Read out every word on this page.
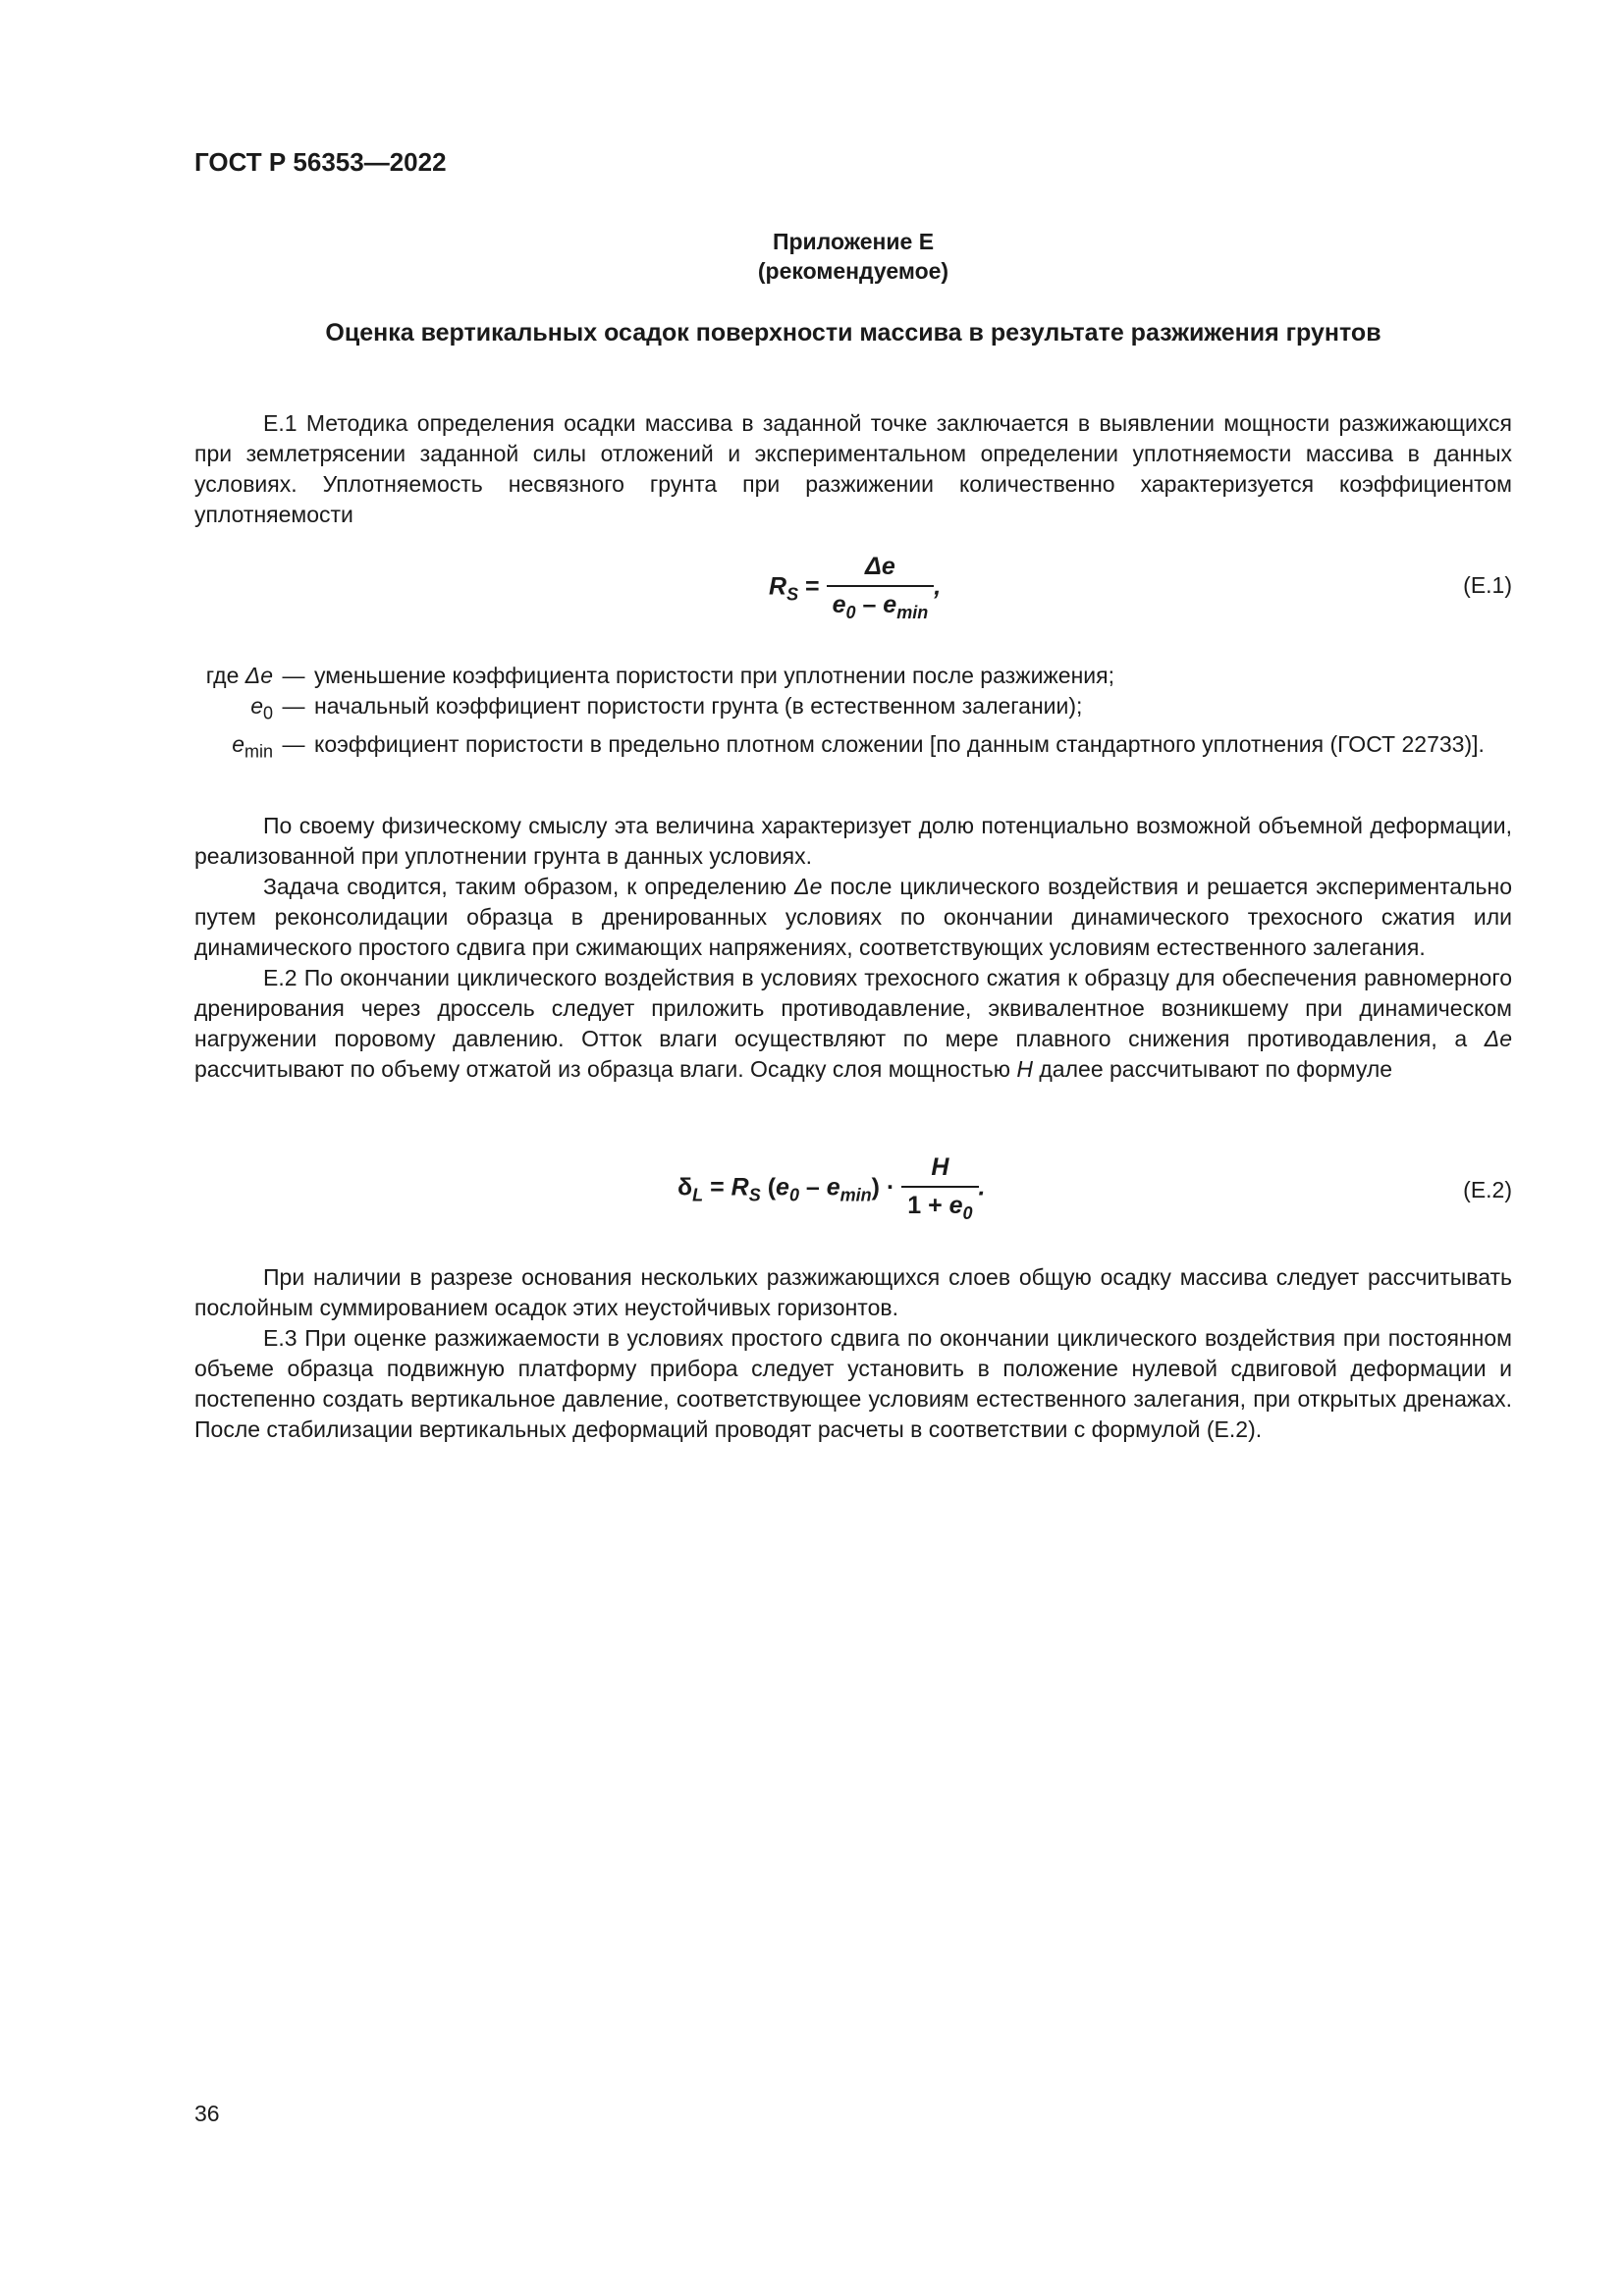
ГОСТ Р 56353—2022
Приложение Е
(рекомендуемое)
Оценка вертикальных осадок поверхности массива в результате разжижения грунтов

Е.1 Методика определения осадки массива в заданной точке заключается в выявлении мощности разжижающихся при землетрясении заданной силы отложений и экспериментальном определении уплотняемости массива в данных условиях. Уплотняемость несвязного грунта при разжижении количественно характеризуется коэффициентом уплотняемости

$R_S = \frac{\Delta e}{e_0 - e_{min}}$ ,	(Е.1)
где Δe — уменьшение коэффициента пористости при уплотнении после разжижения;
$e_0$ — начальный коэффициент пористости грунта (в естественном залегании);
$e_{min}$ — коэффициент пористости в предельно плотном сложении [по данным стандартного уплотнения (ГОСТ 22733)].

По своему физическому смыслу эта величина характеризует долю потенциально возможной объемной деформации, реализованной при уплотнении грунта в данных условиях.

Задача сводится, таким образом, к определению Δe после циклического воздействия и решается экспериментально путем реконсолидации образца в дренированных условиях по окончании динамического трехосного сжатия или динамического простого сдвига при сжимающих напряжениях, соответствующих условиям естественного залегания.

Е.2 По окончании циклического воздействия в условиях трехосного сжатия к образцу для обеспечения равномерного дренирования через дроссель следует приложить противодавление, эквивалентное возникшему при динамическом нагружении поровому давлению. Отток влаги осуществляют по мере плавного снижения противодавления, а Δe рассчитывают по объему отжатой из образца влаги. Осадку слоя мощностью H далее рассчитывают по формуле

$\delta_L = R_S$ $(e_0 - e_{min}) \cdot \frac{H}{1 + e_0}$ .	(Е.2)

При наличии в разрезе основания нескольких разжижающихся слоев общую осадку массива следует рассчитывать послойным суммированием осадок этих неустойчивых горизонтов.

Е.3 При оценке разжижаемости в условиях простого сдвига по окончании циклического воздействия при постоянном объеме образца подвижную платформу прибора следует установить в положение нулевой сдвиговой деформации и постепенно создать вертикальное давление, соответствующее условиям естественного залегания, при открытых дренажах. После стабилизации вертикальных деформаций проводят расчеты в соответствии с формулой (Е.2).

36
